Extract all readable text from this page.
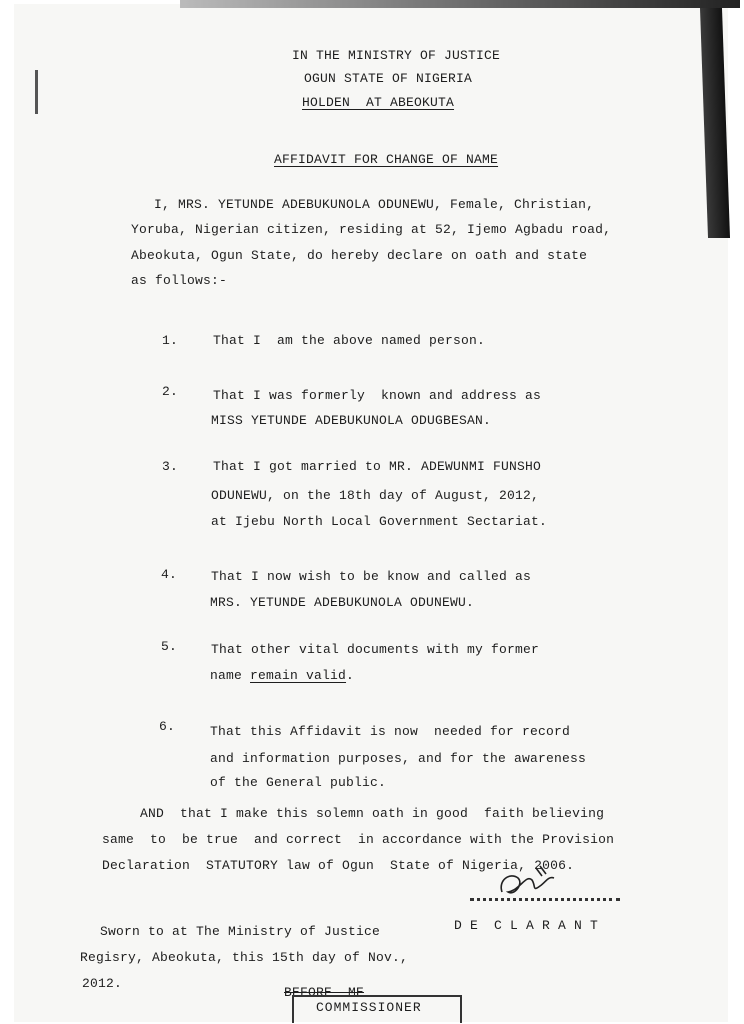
IN THE MINISTRY OF JUSTICE
OGUN STATE OF NIGERIA
HOLDEN  AT ABEOKUTA
AFFIDAVIT FOR CHANGE OF NAME
I, MRS. YETUNDE ADEBUKUNOLA ODUNEWU, Female, Christian,
Yoruba, Nigerian citizen, residing at 52, Ijemo Agbadu road,
Abeokuta, Ogun State, do hereby declare on oath and state
as follows:-
1.	That I  am the above named person.
2.	That I was formerly  known and address as
MISS YETUNDE ADEBUKUNOLA ODUGBESAN.
3.	That I got married to MR. ADEWUNMI FUNSHO
ODUNEWU, on the 18th day of August, 2012,
at Ijebu North Local Government Sectariat.
4.	That I now wish to be know and called as
MRS. YETUNDE ADEBUKUNOLA ODUNEWU.
5.	That other vital documents with my former
name remain valid.
6.	That this Affidavit is now  needed for record
and information purposes, and for the awareness
of the General public.
AND  that I make this solemn oath in good  faith believing
same  to  be true  and correct  in accordance with the Provision
Declaration  STATUTORY law of Ogun  State of Nigeria, 2006.
D E  C L A R A N T
Sworn to at The Ministry of Justice
Regisry, Abeokuta, this 15th day of Nov.,
2012.
BEFORE  ME
COMMISSIONER
